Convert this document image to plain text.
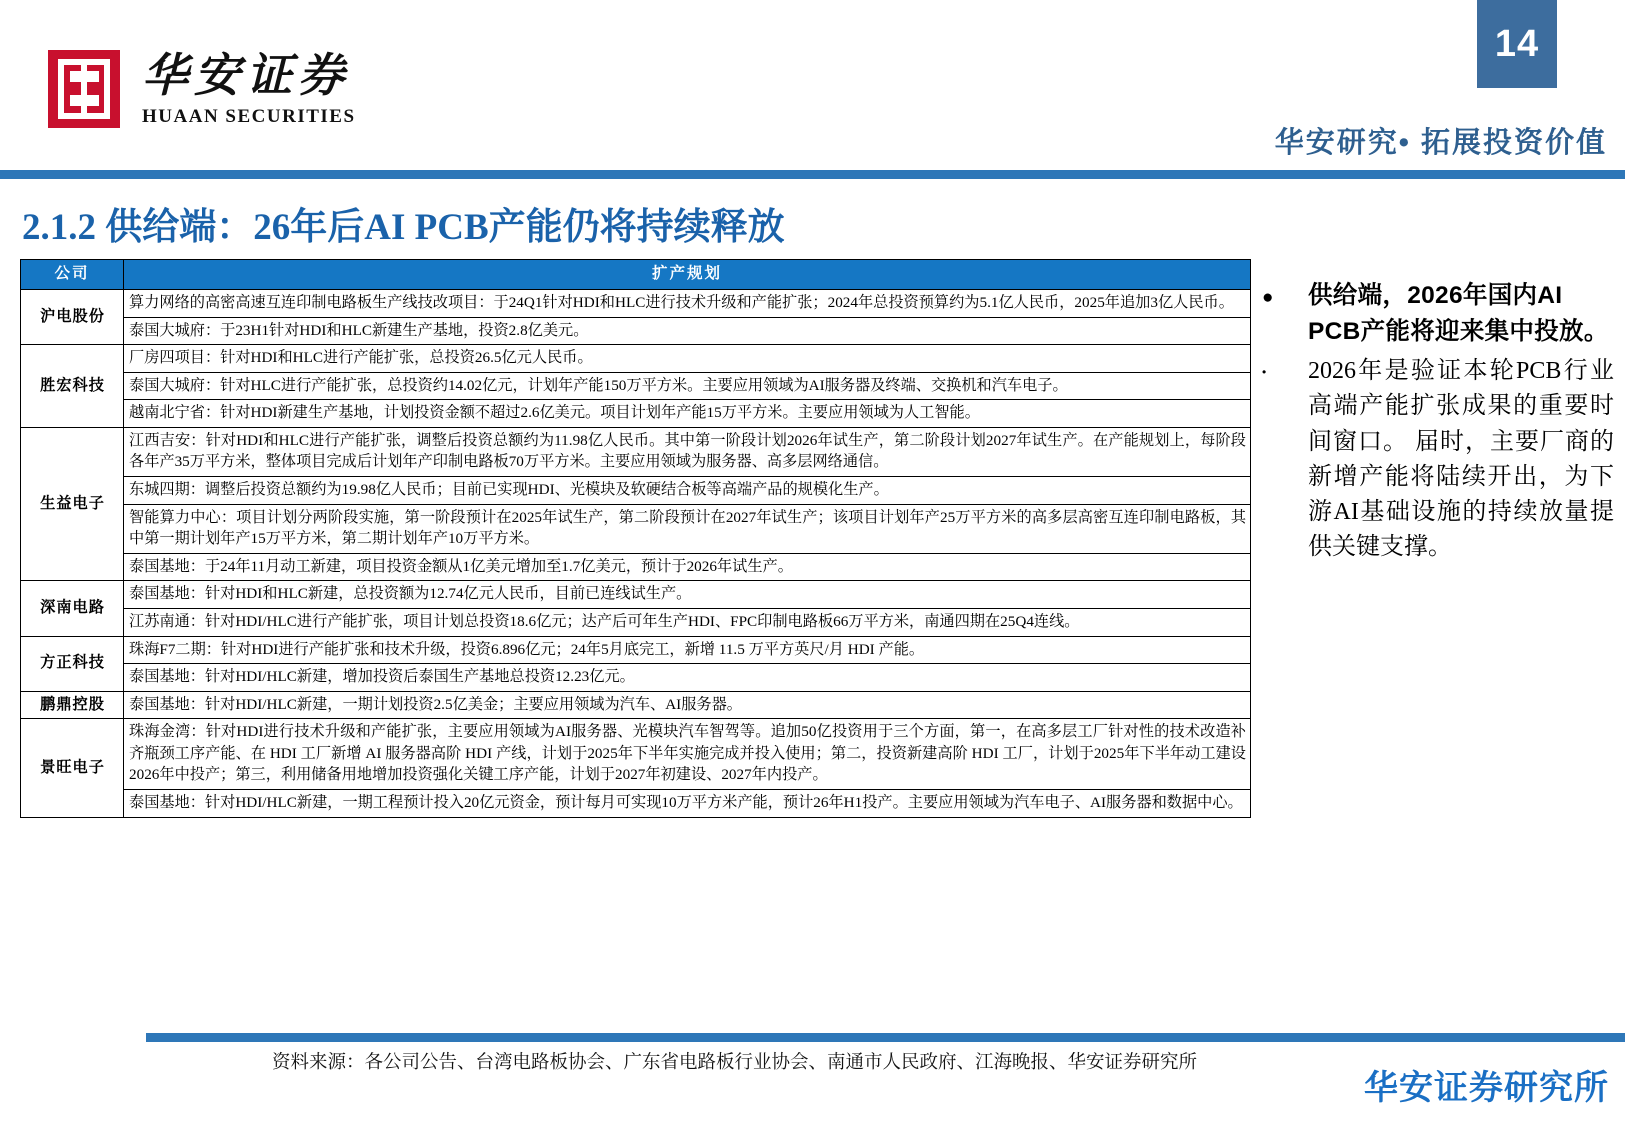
14
华安证券
HUAAN SECURITIES
华安研究• 拓展投资价值
2.1.2 供给端：26年后AI PCB产能仍将持续释放
公司	扩产规划
沪电股份	算力网络的高密高速互连印制电路板生产线技改项目：于24Q1针对HDI和HLC进行技术升级和产能扩张；2024年总投资预算约为5.1亿人民币，2025年追加3亿人民币。
	泰国大城府：于23H1针对HDI和HLC新建生产基地，投资2.8亿美元。
胜宏科技	厂房四项目：针对HDI和HLC进行产能扩张，总投资26.5亿元人民币。
	泰国大城府：针对HLC进行产能扩张，总投资约14.02亿元，计划年产能150万平方米。主要应用领域为AI服务器及终端、交换机和汽车电子。
	越南北宁省：针对HDI新建生产基地，计划投资金额不超过2.6亿美元。项目计划年产能15万平方米。主要应用领域为人工智能。
生益电子	江西吉安：针对HDI和HLC进行产能扩张，调整后投资总额约为11.98亿人民币。其中第一阶段计划2026年试生产，第二阶段计划2027年试生产。在产能规划上，每阶段各年产35万平方米，整体项目完成后计划年产印制电路板70万平方米。主要应用领域为服务器、高多层网络通信。
	东城四期：调整后投资总额约为19.98亿人民币；目前已实现HDI、光模块及软硬结合板等高端产品的规模化生产。
	智能算力中心：项目计划分两阶段实施，第一阶段预计在2025年试生产，第二阶段预计在2027年试生产；该项目计划年产25万平方米的高多层高密互连印制电路板，其中第一期计划年产15万平方米，第二期计划年产10万平方米。
	泰国基地：于24年11月动工新建，项目投资金额从1亿美元增加至1.7亿美元，预计于2026年试生产。
深南电路	泰国基地：针对HDI和HLC新建，总投资额为12.74亿元人民币，目前已连线试生产。
	江苏南通：针对HDI/HLC进行产能扩张，项目计划总投资18.6亿元；达产后可年生产HDI、FPC印制电路板66万平方米，南通四期在25Q4连线。
方正科技	珠海F7二期：针对HDI进行产能扩张和技术升级，投资6.896亿元；24年5月底完工，新增 11.5 万平方英尺/月 HDI 产能。
	泰国基地：针对HDI/HLC新建，增加投资后泰国生产基地总投资12.23亿元。
鹏鼎控股	泰国基地：针对HDI/HLC新建，一期计划投资2.5亿美金；主要应用领域为汽车、AI服务器。
景旺电子	珠海金湾：针对HDI进行技术升级和产能扩张，主要应用领域为AI服务器、光模块汽车智驾等。追加50亿投资用于三个方面，第一，在高多层工厂针对性的技术改造补齐瓶颈工序产能、在 HDI 工厂新增 AI 服务器高阶 HDI 产线，计划于2025年下半年实施完成并投入使用；第二，投资新建高阶 HDI 工厂，计划于2025年下半年动工建设2026年中投产；第三，利用储备用地增加投资强化关键工序产能，计划于2027年初建设、2027年内投产。
	泰国基地：针对HDI/HLC新建，一期工程预计投入20亿元资金，预计每月可实现10万平方米产能，预计26年H1投产。主要应用领域为汽车电子、AI服务器和数据中心。
●	供给端，2026年国内AI PCB产能将迎来集中投放。
•	2026年是验证本轮PCB行业高端产能扩张成果的重要时间窗口。 届时，主要厂商的新增产能将陆续开出，为下游AI基础设施的持续放量提供关键支撑。
资料来源：各公司公告、台湾电路板协会、广东省电路板行业协会、南通市人民政府、江海晚报、华安证券研究所
华安证券研究所
